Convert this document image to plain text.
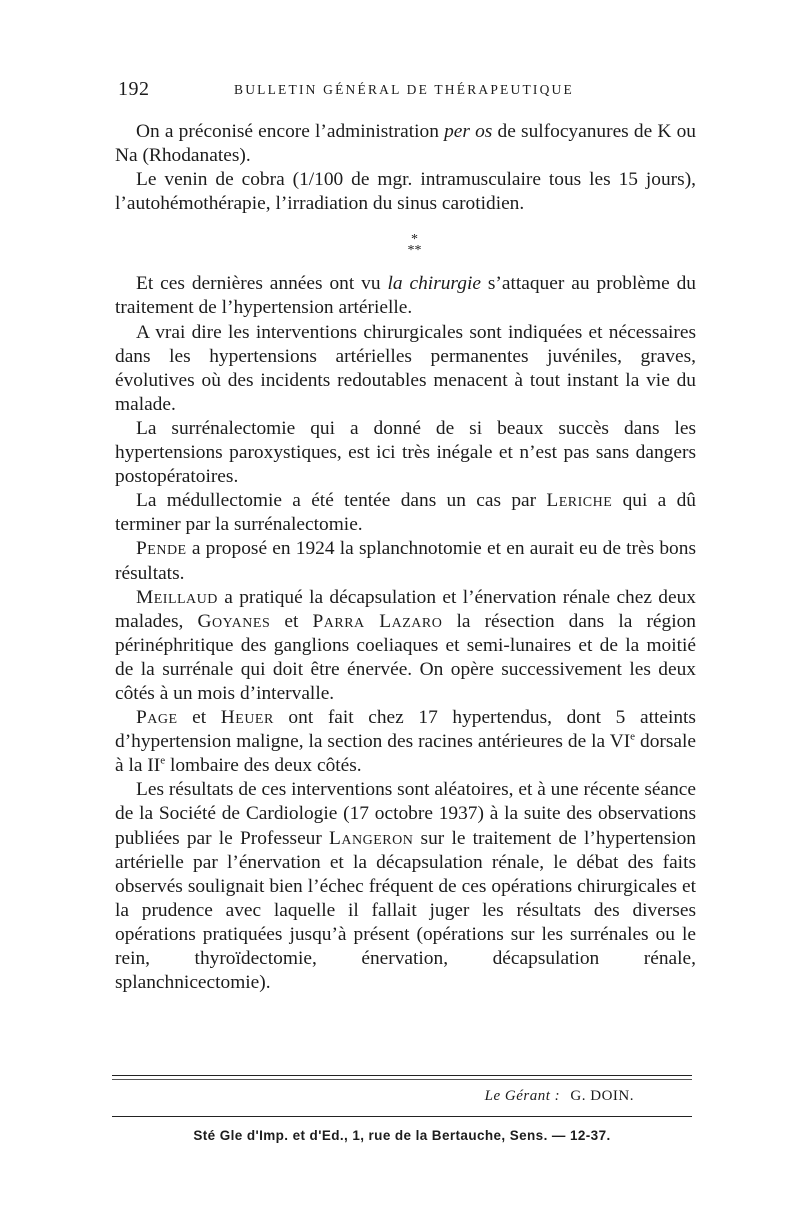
192	BULLETIN GÉNÉRAL DE THÉRAPEUTIQUE

On a préconisé encore l’administration per os de sulfocyanures de K ou Na (Rhodanates).

Le venin de cobra (1/100 de mgr. intramusculaire tous les 15 jours), l’autohémothérapie, l’irradiation du sinus carotidien.

*
**

Et ces dernières années ont vu la chirurgie s’attaquer au problème du traitement de l’hypertension artérielle.

A vrai dire les interventions chirurgicales sont indiquées et nécessaires dans les hypertensions artérielles permanentes juvéniles, graves, évolutives où des incidents redoutables menacent à tout instant la vie du malade.

La surrénalectomie qui a donné de si beaux succès dans les hypertensions paroxystiques, est ici très inégale et n’est pas sans dangers postopératoires.

La médullectomie a été tentée dans un cas par Leriche qui a dû terminer par la surrénalectomie.

Pende a proposé en 1924 la splanchnotomie et en aurait eu de très bons résultats.

Meillaud a pratiqué la décapsulation et l’énervation rénale chez deux malades, Goyanes et Parra Lazaro la résection dans la région périnéphritique des ganglions coeliaques et semi-lunaires et de la moitié de la surrénale qui doit être énervée. On opère successivement les deux côtés à un mois d’intervalle.

Page et Heuer ont fait chez 17 hypertendus, dont 5 atteints d’hypertension maligne, la section des racines antérieures de la VIe dorsale à la IIe lombaire des deux côtés.

Les résultats de ces interventions sont aléatoires, et à une récente séance de la Société de Cardiologie (17 octobre 1937) à la suite des observations publiées par le Professeur Langeron sur le traitement de l’hypertension artérielle par l’énervation et la décapsulation rénale, le débat des faits observés soulignait bien l’échec fréquent de ces opérations chirurgicales et la prudence avec laquelle il fallait juger les résultats des diverses opérations pratiquées jusqu’à présent (opérations sur les surrénales ou le rein, thyroïdectomie, énervation, décapsulation rénale, splanchnicectomie).

Le Gérant : G. DOIN.
Sté Gle d'Imp. et d'Ed., 1, rue de la Bertauche, Sens. — 12-37.
